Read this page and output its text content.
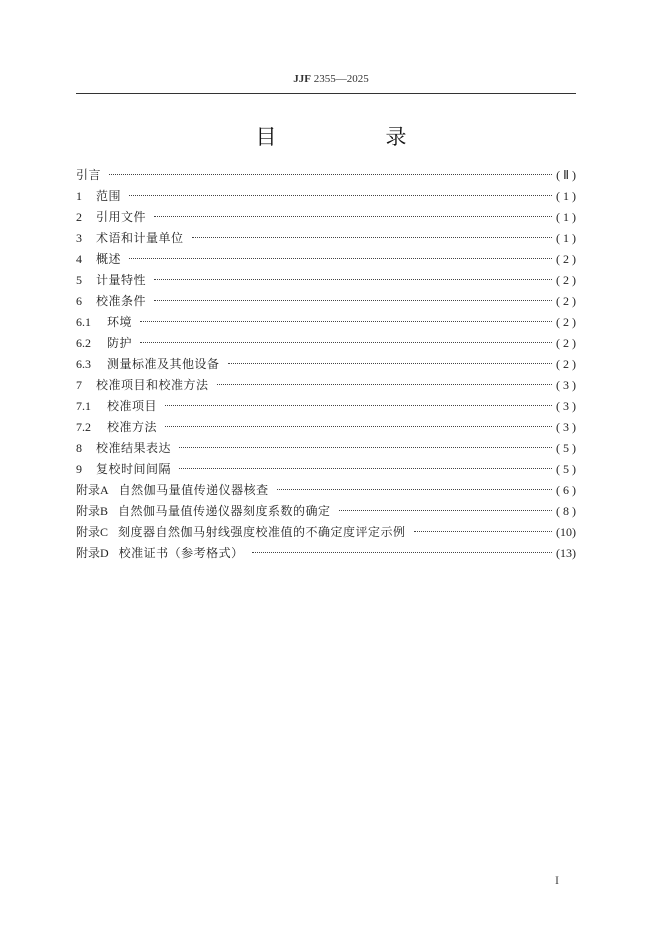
JJF 2355—2025
目　录
引言	( Ⅱ )
1 范围	( 1 )
2 引用文件	( 1 )
3 术语和计量单位	( 1 )
4 概述	( 2 )
5 计量特性	( 2 )
6 校准条件	( 2 )
6.1 环境	( 2 )
6.2 防护	( 2 )
6.3 测量标准及其他设备	( 2 )
7 校准项目和校准方法	( 3 )
7.1 校准项目	( 3 )
7.2 校准方法	( 3 )
8 校准结果表达	( 5 )
9 复校时间间隔	( 5 )
附录A 自然伽马量值传递仪器核查	( 6 )
附录B 自然伽马量值传递仪器刻度系数的确定	( 8 )
附录C 刻度器自然伽马射线强度校准值的不确定度评定示例	(10)
附录D 校准证书（参考格式）	(13)
I
